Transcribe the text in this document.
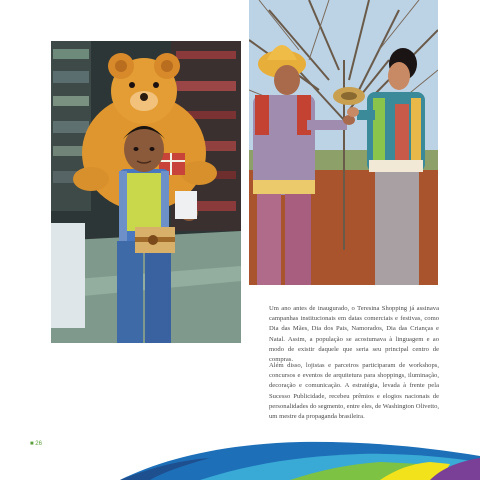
Um ano antes de inaugurado, o Teresina Shopping já assinava campanhas institucionais em datas comerciais e festivas, como Dia das Mães, Dia dos Pais, Namorados, Dia das Crianças e Natal. Assim, a população se acostumava à linguagem e ao modo de existir daquele que seria seu principal centro de compras.

Além disso, lojistas e parceiros participaram de workshops, concursos e eventos de arquitetura para shoppings, iluminação, decoração e comunicação. A estratégia, levada à frente pela Sucesso Publicidade, recebeu prêmios e elogios nacionais de personalidades do segmento, entre eles, de Washington Olivetto, um mestre da propaganda brasileira.

■ 26
